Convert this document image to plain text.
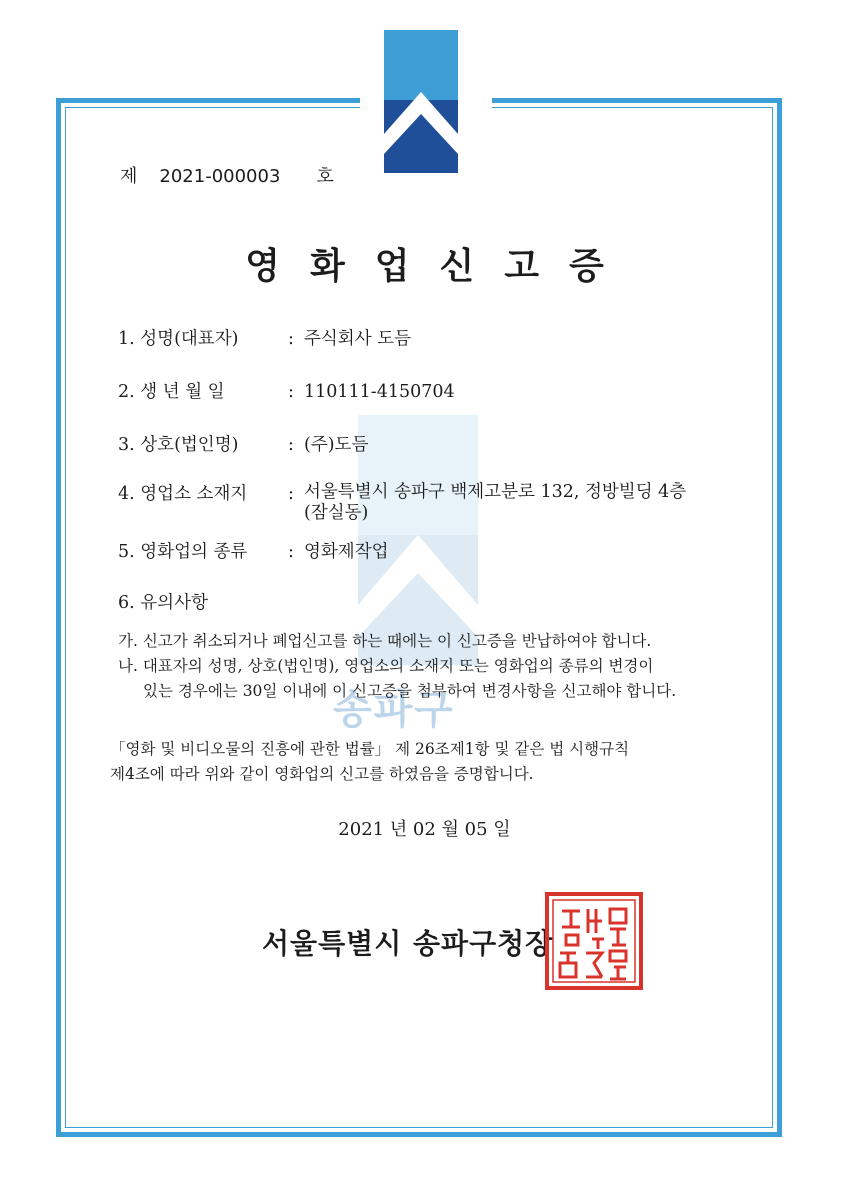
송파구
제 2021-000003 호
영화업신고증
1. 성명(대표자)	: 주식회사 도듬
2. 생 년 월 일	: 110111-4150704
3. 상호(법인명)	: (주)도듬
4. 영업소 소재지	: 서울특별시 송파구 백제고분로 132, 정방빌딩 4층
(잠실동)
5. 영화업의 종류	: 영화제작업
6. 유의사항

가. 신고가 취소되거나 폐업신고를 하는 때에는 이 신고증을 반납하여야 합니다.

나. 대표자의 성명, 상호(법인명), 영업소의 소재지 또는 영화업의 종류의 변경이

있는 경우에는 30일 이내에 이 신고증을 첨부하여 변경사항을 신고해야 합니다.

「영화 및 비디오물의 진흥에 관한 법률」 제 26조제1항 및 같은 법 시행규칙

제4조에 따라 위와 같이 영화업의 신고를 하였음을 증명합니다.

2021 년 02 월 05 일
서울특별시 송파구청장
